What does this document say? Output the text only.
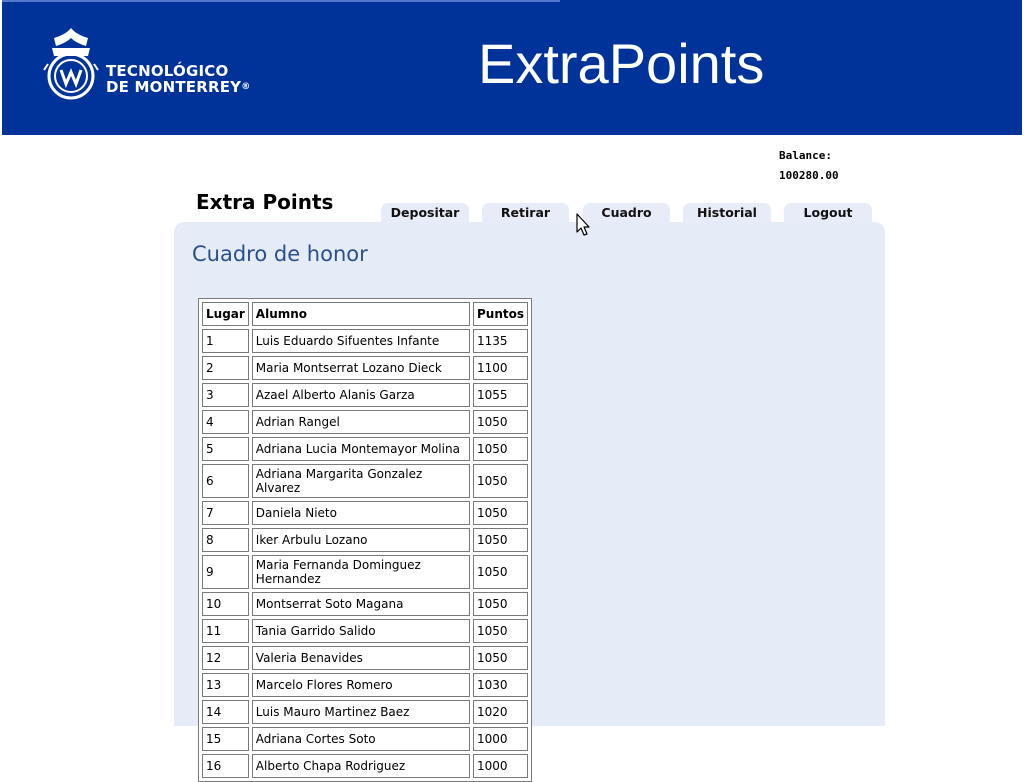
TECNOLÓGICO
DE MONTERREY®	ExtraPoints
Balance:
100280.00
Extra Points	Depositar	Retirar	Cuadro	Historial	Logout
Cuadro de honor
Lugar	Alumno	Puntos
1	Luis Eduardo Sifuentes Infante	1135
2	Maria Montserrat Lozano Dieck	1100
3	Azael Alberto Alanis Garza	1055
4	Adrian Rangel	1050
5	Adriana Lucia Montemayor Molina	1050
6	Adriana Margarita Gonzalez Alvarez	1050
7	Daniela Nieto	1050
8	Iker Arbulu Lozano	1050
9	Maria Fernanda Dominguez Hernandez	1050
10	Montserrat Soto Magana	1050
11	Tania Garrido Salido	1050
12	Valeria Benavides	1050
13	Marcelo Flores Romero	1030
14	Luis Mauro Martinez Baez	1020
15	Adriana Cortes Soto	1000
16	Alberto Chapa Rodriguez	1000
